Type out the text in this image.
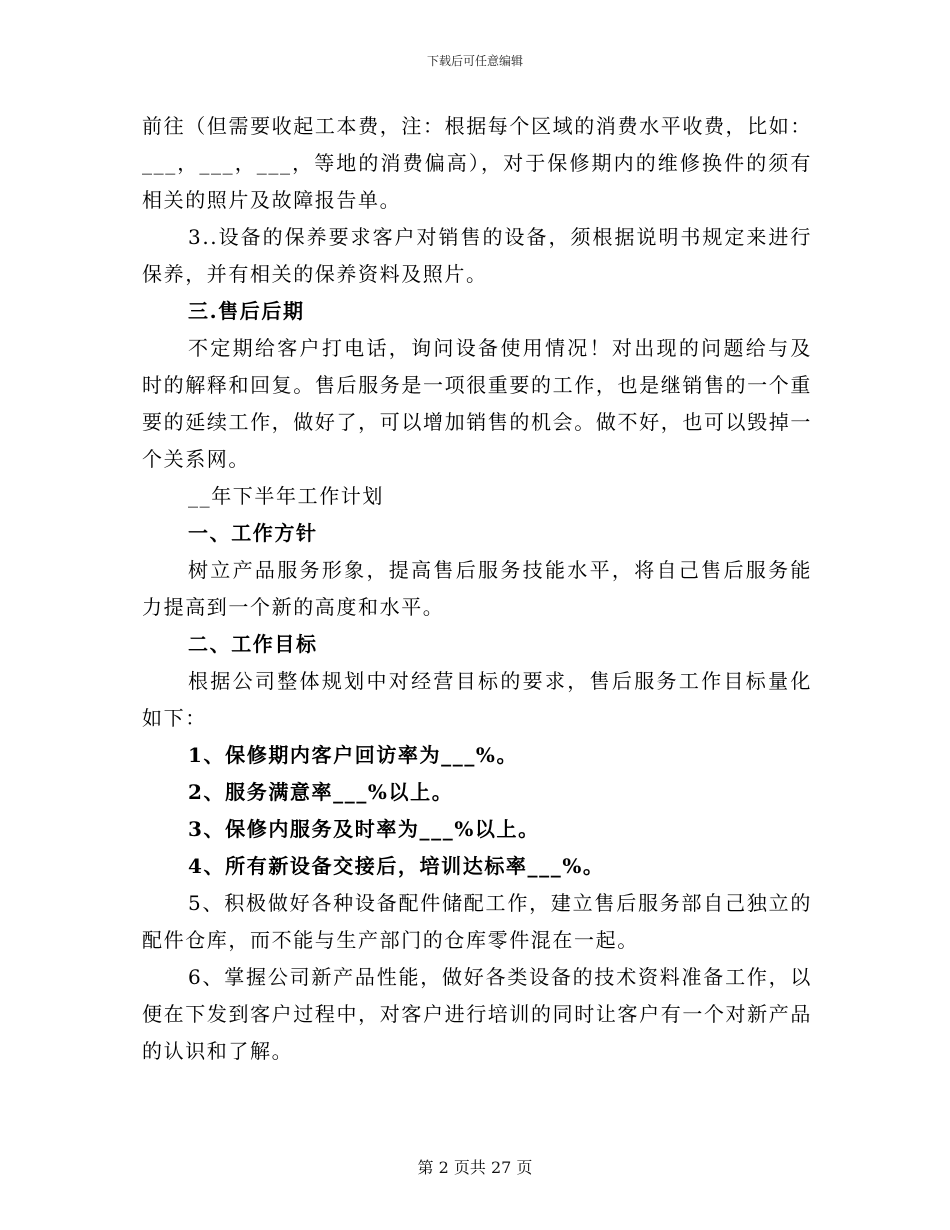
下载后可任意编辑

前往（但需要收起工本费，注：根据每个区域的消费水平收费，比如：___，___，___，等地的消费偏高），对于保修期内的维修换件的须有相关的照片及故障报告单。

3..设备的保养要求客户对销售的设备，须根据说明书规定来进行保养，并有相关的保养资料及照片。

三.售后后期

不定期给客户打电话，询问设备使用情况！对出现的问题给与及时的解释和回复。售后服务是一项很重要的工作，也是继销售的一个重要的延续工作，做好了，可以增加销售的机会。做不好，也可以毁掉一个关系网。

__年下半年工作计划

一、工作方针

树立产品服务形象，提高售后服务技能水平，将自己售后服务能力提高到一个新的高度和水平。

二、工作目标

根据公司整体规划中对经营目标的要求，售后服务工作目标量化如下：

1、保修期内客户回访率为___%。

2、服务满意率___%以上。

3、保修内服务及时率为___%以上。

4、所有新设备交接后，培训达标率___%。

5、积极做好各种设备配件储配工作，建立售后服务部自己独立的配件仓库，而不能与生产部门的仓库零件混在一起。

6、掌握公司新产品性能，做好各类设备的技术资料准备工作，以便在下发到客户过程中，对客户进行培训的同时让客户有一个对新产品的认识和了解。

第 2 页共 27 页
